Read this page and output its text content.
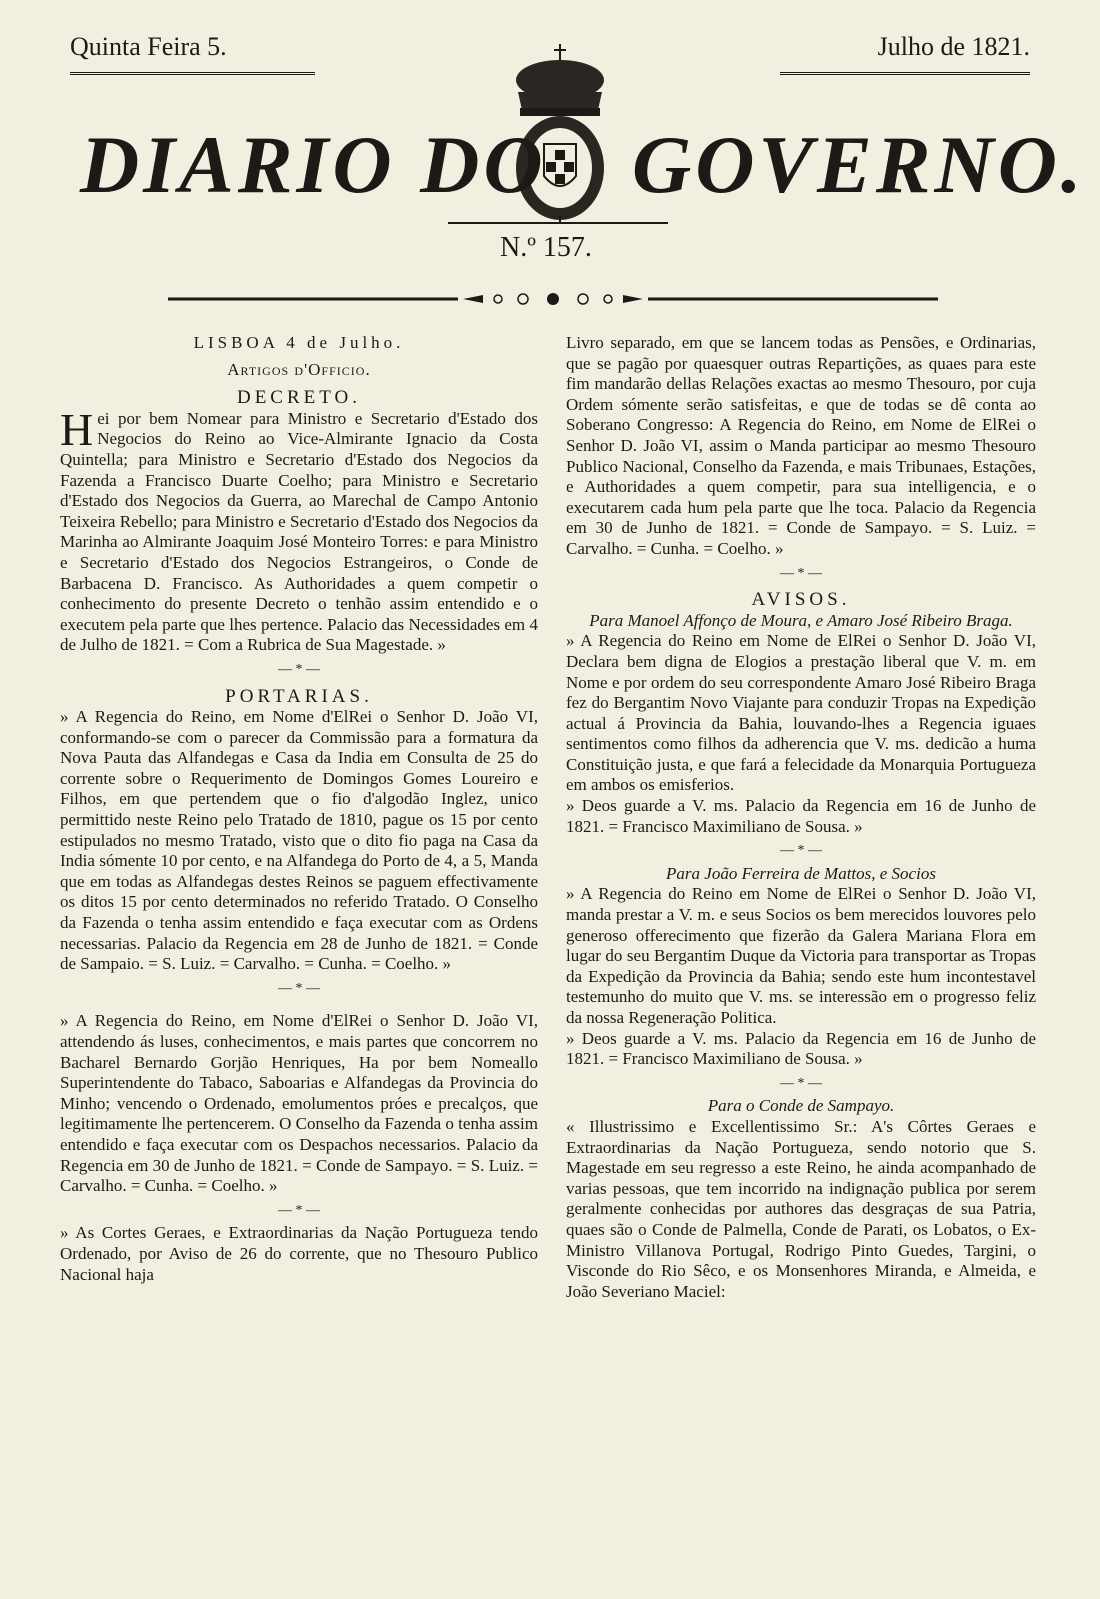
Quinta Feira 5.	Julho de 1821.
DIARIO DO GOVERNO.
N.º 157.

LISBOA 4 de Julho.

Artigos d'Officio.

DECRETO.

Hei por bem Nomear para Ministro e Secretario d'Estado dos Negocios do Reino ao Vice-Almirante Ignacio da Costa Quintella; para Ministro e Secretario d'Estado dos Negocios da Fazenda a Francisco Duarte Coelho; para Ministro e Secretario d'Estado dos Negocios da Guerra, ao Marechal de Campo Antonio Teixeira Rebello; para Ministro e Secretario d'Estado dos Negocios da Marinha ao Almirante Joaquim José Monteiro Torres: e para Ministro e Secretario d'Estado dos Negocios Estrangeiros, o Conde de Barbacena D. Francisco. As Authoridades a quem competir o conhecimento do presente Decreto o tenhão assim entendido e o executem pela parte que lhes pertence. Palacio das Necessidades em 4 de Julho de 1821. = Com a Rubrica de Sua Magestade. »

— * —

PORTARIAS.

» A Regencia do Reino, em Nome d'ElRei o Senhor D. João VI, conformando-se com o parecer da Commissão para a formatura da Nova Pauta das Alfandegas e Casa da India em Consulta de 25 do corrente sobre o Requerimento de Domingos Gomes Loureiro e Filhos, em que pertendem que o fio d'algodão Inglez, unico permittido neste Reino pelo Tratado de 1810, pague os 15 por cento estipulados no mesmo Tratado, visto que o dito fio paga na Casa da India sómente 10 por cento, e na Alfandega do Porto de 4, a 5, Manda que em todas as Alfandegas destes Reinos se paguem effectivamente os ditos 15 por cento determinados no referido Tratado. O Conselho da Fazenda o tenha assim entendido e faça executar com as Ordens necessarias. Palacio da Regencia em 28 de Junho de 1821. = Conde de Sampaio. = S. Luiz. = Carvalho. = Cunha. = Coelho. »

— * —

» A Regencia do Reino, em Nome d'ElRei o Senhor D. João VI, attendendo ás luses, conhecimentos, e mais partes que concorrem no Bacharel Bernardo Gorjão Henriques, Ha por bem Nomeallo Superintendente do Tabaco, Saboarias e Alfandegas da Provincia do Minho; vencendo o Ordenado, emolumentos próes e precalços, que legitimamente lhe pertencerem. O Conselho da Fazenda o tenha assim entendido e faça executar com os Despachos necessarios. Palacio da Regencia em 30 de Junho de 1821. = Conde de Sampayo. = S. Luiz. = Carvalho. = Cunha. = Coelho. »

— * —

» As Cortes Geraes, e Extraordinarias da Nação Portugueza tendo Ordenado, por Aviso de 26 do corrente, que no Thesouro Publico Nacional haja

Livro separado, em que se lancem todas as Pensões, e Ordinarias, que se pagão por quaesquer outras Repartições, as quaes para este fim mandarão dellas Relações exactas ao mesmo Thesouro, por cuja Ordem sómente serão satisfeitas, e que de todas se dê conta ao Soberano Congresso: A Regencia do Reino, em Nome de ElRei o Senhor D. João VI, assim o Manda participar ao mesmo Thesouro Publico Nacional, Conselho da Fazenda, e mais Tribunaes, Estações, e Authoridades a quem competir, para sua intelligencia, e o executarem cada hum pela parte que lhe toca. Palacio da Regencia em 30 de Junho de 1821. = Conde de Sampayo. = S. Luiz. = Carvalho. = Cunha. = Coelho. »

— * —

AVISOS.

Para Manoel Affonço de Moura, e Amaro José Ribeiro Braga.

» A Regencia do Reino em Nome de ElRei o Senhor D. João VI, Declara bem digna de Elogios a prestação liberal que V. m. em Nome e por ordem do seu correspondente Amaro José Ribeiro Braga fez do Bergantim Novo Viajante para conduzir Tropas na Expedição actual á Provincia da Bahia, louvando-lhes a Regencia iguaes sentimentos como filhos da adherencia que V. ms. dedicão a huma Constituição justa, e que fará a felecidade da Monarquia Portugueza em ambos os emisferios.

» Deos guarde a V. ms. Palacio da Regencia em 16 de Junho de 1821. = Francisco Maximiliano de Sousa. »

— * —

Para João Ferreira de Mattos, e Socios

» A Regencia do Reino em Nome de ElRei o Senhor D. João VI, manda prestar a V. m. e seus Socios os bem merecidos louvores pelo generoso offerecimento que fizerão da Galera Mariana Flora em lugar do seu Bergantim Duque da Victoria para transportar as Tropas da Expedição da Provincia da Bahia; sendo este hum incontestavel testemunho do muito que V. ms. se interessão em o progresso feliz da nossa Regeneração Politica.

» Deos guarde a V. ms. Palacio da Regencia em 16 de Junho de 1821. = Francisco Maximiliano de Sousa. »

— * —

Para o Conde de Sampayo.

« Illustrissimo e Excellentissimo Sr.: A's Côrtes Geraes e Extraordinarias da Nação Portugueza, sendo notorio que S. Magestade em seu regresso a este Reino, he ainda acompanhado de varias pessoas, que tem incorrido na indignação publica por serem geralmente conhecidas por authores das desgraças de sua Patria, quaes são o Conde de Palmella, Conde de Parati, os Lobatos, o Ex-Ministro Villanova Portugal, Rodrigo Pinto Guedes, Targini, o Visconde do Rio Sêco, e os Monsenhores Miranda, e Almeida, e João Severiano Maciel:
